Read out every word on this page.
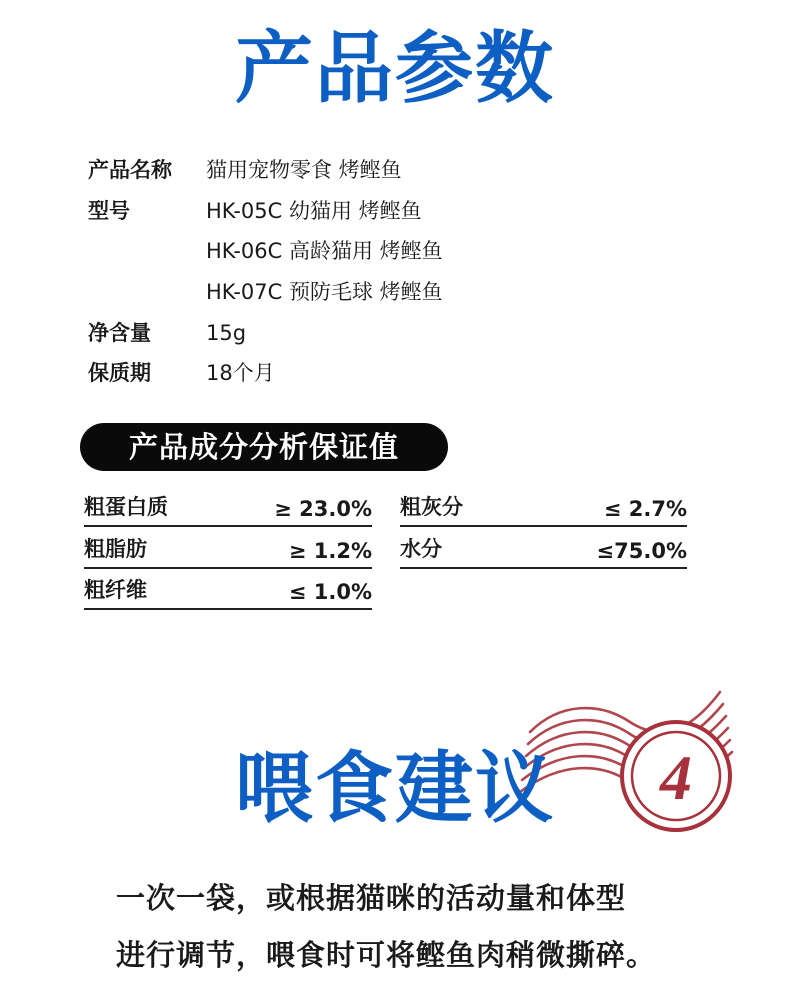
产品参数
产品名称 猫用宠物零食 烤鲣鱼
型号	HK-05C 幼猫用 烤鲣鱼
HK-06C 高龄猫用 烤鲣鱼
HK-07C 预防毛球 烤鲣鱼
净含量	15g
保质期	18个月
产品成分分析保证值
粗蛋白质	≥ 23.0%
粗脂肪	≥ 1.2%
粗纤维	≤ 1.0%
粗灰分	≤ 2.7%
水分	≤75.0%
4
喂食建议
一次一袋，或根据猫咪的活动量和体型
进行调节，喂食时可将鲣鱼肉稍微撕碎。
